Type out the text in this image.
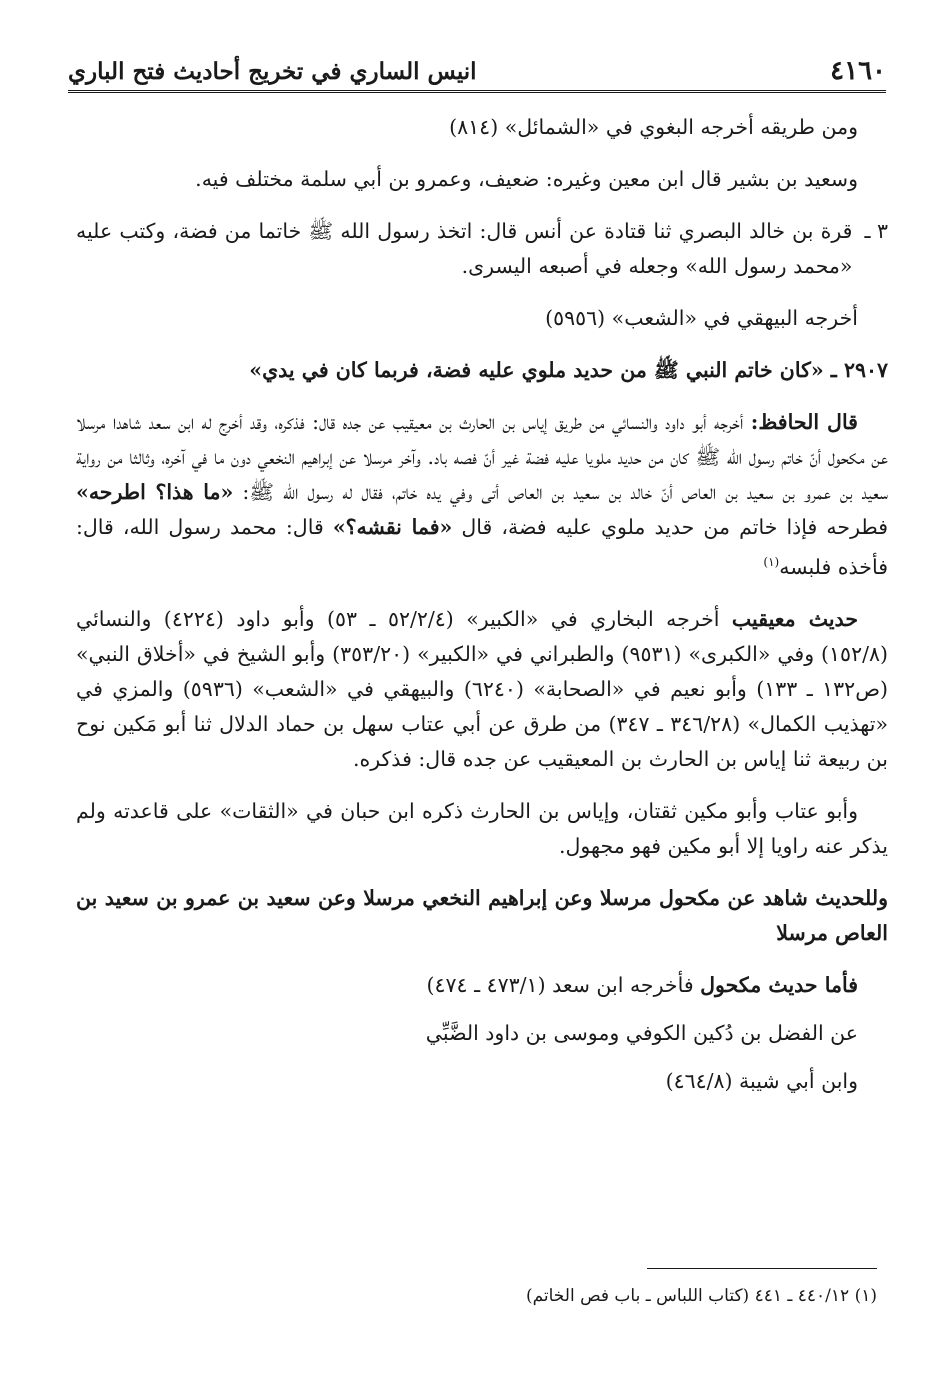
٤١٦٠
انيس الساري في تخريج أحاديث فتح الباري

ومن طريقه أخرجه البغوي في «الشمائل» (٨١٤)

وسعيد بن بشير قال ابن معين وغيره: ضعيف، وعمرو بن أبي سلمة مختلف فيه.

٣ ـ
قرة بن خالد البصري ثنا قتادة عن أنس قال: اتخذ رسول الله ﷺ خاتما من فضة، وكتب عليه «محمد رسول الله» وجعله في أصبعه اليسرى.

أخرجه البيهقي في «الشعب» (٥٩٥٦)

٢٩٠٧ ـ «كان خاتم النبي ﷺ من حديد ملوي عليه فضة، فربما كان في يدي»

قال الحافظ: أخرجه أبو داود والنسائي من طريق إياس بن الحارث بن معيقيب عن جده قال: فذكره، وقد أخرج له ابن سعد شاهدا مرسلا عن مكحول أنّ خاتم رسول الله ﷺ كان من حديد ملويا عليه فضة غير أنّ فصه باد. وآخر مرسلا عن إبراهيم النخعي دون ما في آخره، وثالثا من رواية سعيد بن عمرو بن سعيد بن العاص أنّ خالد بن سعيد بن العاص أتى وفي يده خاتم، فقال له رسول الله ﷺ: «ما هذا؟ اطرحه» فطرحه فإذا خاتم من حديد ملوي عليه فضة، قال «فما نقشه؟» قال: محمد رسول الله، قال: فأخذه فلبسه$^{(١)}$

حديث معيقيب أخرجه البخاري في «الكبير» (٥٢/٢/٤ ـ ٥٣) وأبو داود (٤٢٢٤) والنسائي (١٥٢/٨) وفي «الكبرى» (٩٥٣١) والطبراني في «الكبير» (٣٥٣/٢٠) وأبو الشيخ في «أخلاق النبي» (ص١٣٢ ـ ١٣٣) وأبو نعيم في «الصحابة» (٦٢٤٠) والبيهقي في «الشعب» (٥٩٣٦) والمزي في «تهذيب الكمال» (٣٤٦/٢٨ ـ ٣٤٧) من طرق عن أبي عتاب سهل بن حماد الدلال ثنا أبو مَكين نوح بن ربيعة ثنا إياس بن الحارث بن المعيقيب عن جده قال: فذكره.

وأبو عتاب وأبو مكين ثقتان، وإياس بن الحارث ذكره ابن حبان في «الثقات» على قاعدته ولم يذكر عنه راويا إلا أبو مكين فهو مجهول.

وللحديث شاهد عن مكحول مرسلا وعن إبراهيم النخعي مرسلا وعن سعيد بن عمرو بن سعيد بن العاص مرسلا

فأما حديث مكحول فأخرجه ابن سعد (٤٧٣/١ ـ ٤٧٤)

عن الفضل بن دُكين الكوفي وموسى بن داود الضَّبِّي

وابن أبي شيبة (٤٦٤/٨)

(١) ٤٤٠/١٢ ـ ٤٤١ (كتاب اللباس ـ باب فص الخاتم)
